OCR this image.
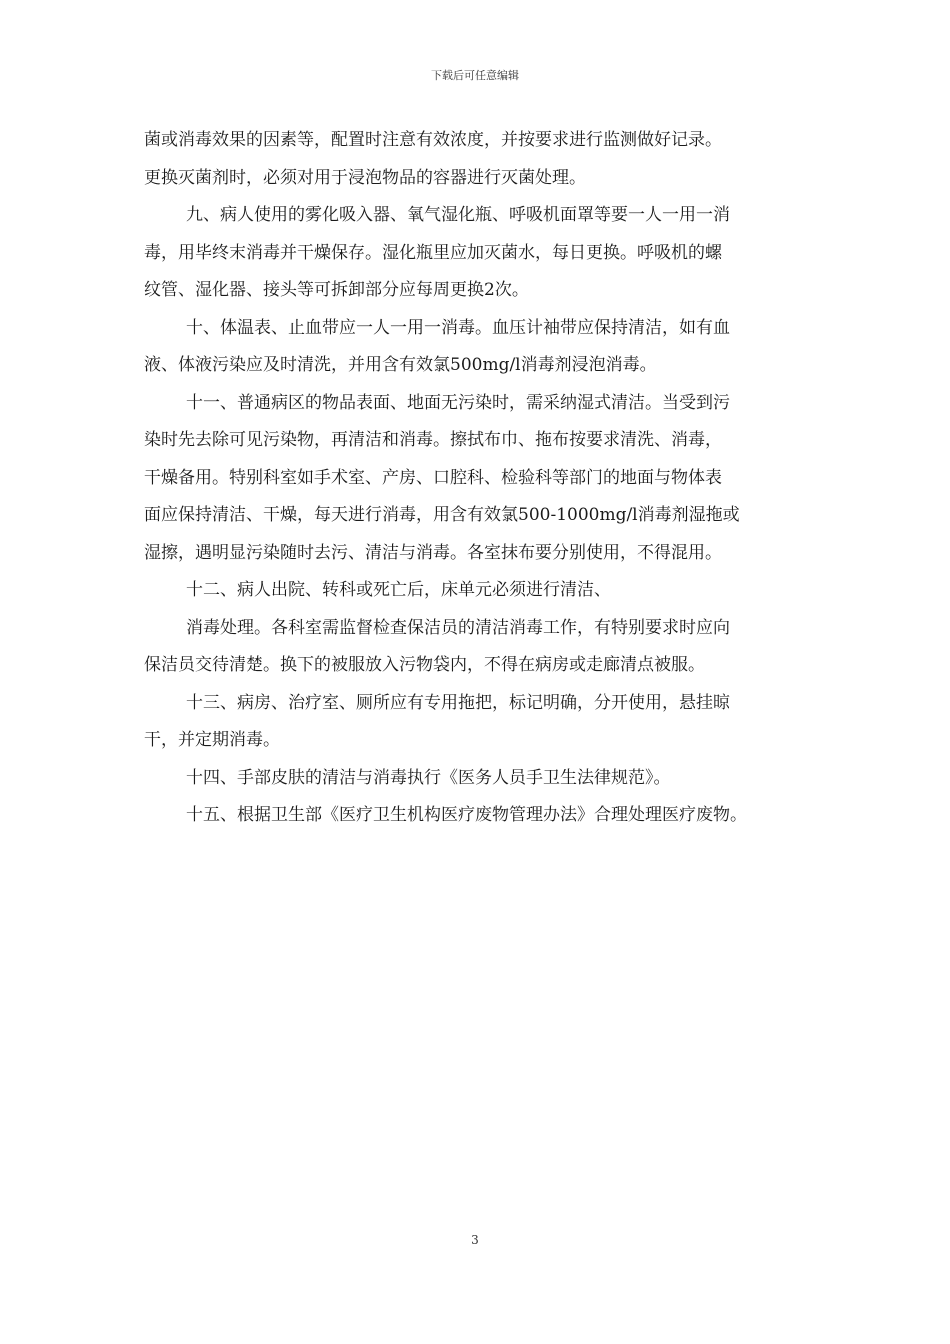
下载后可任意编辑

菌或消毒效果的因素等，配置时注意有效浓度，并按要求进行监测做好记录。

更换灭菌剂时，必须对用于浸泡物品的容器进行灭菌处理。

九、病人使用的雾化吸入器、氧气湿化瓶、呼吸机面罩等要一人一用一消

毒，用毕终末消毒并干燥保存。湿化瓶里应加灭菌水，每日更换。呼吸机的螺

纹管、湿化器、接头等可拆卸部分应每周更换2次。

十、体温表、止血带应一人一用一消毒。血压计袖带应保持清洁，如有血

液、体液污染应及时清洗，并用含有效氯500mg/l消毒剂浸泡消毒。

十一、普通病区的物品表面、地面无污染时，需采纳湿式清洁。当受到污

染时先去除可见污染物，再清洁和消毒。擦拭布巾、拖布按要求清洗、消毒，

干燥备用。特别科室如手术室、产房、口腔科、检验科等部门的地面与物体表

面应保持清洁、干燥，每天进行消毒，用含有效氯500-1000mg/l消毒剂湿拖或

湿擦，遇明显污染随时去污、清洁与消毒。各室抹布要分别使用，不得混用。

十二、病人出院、转科或死亡后，床单元必须进行清洁、

消毒处理。各科室需监督检查保洁员的清洁消毒工作，有特别要求时应向

保洁员交待清楚。换下的被服放入污物袋内，不得在病房或走廊清点被服。

十三、病房、治疗室、厕所应有专用拖把，标记明确，分开使用，悬挂晾

干，并定期消毒。

十四、手部皮肤的清洁与消毒执行《医务人员手卫生法律规范》。

十五、根据卫生部《医疗卫生机构医疗废物管理办法》合理处理医疗废物。

3
